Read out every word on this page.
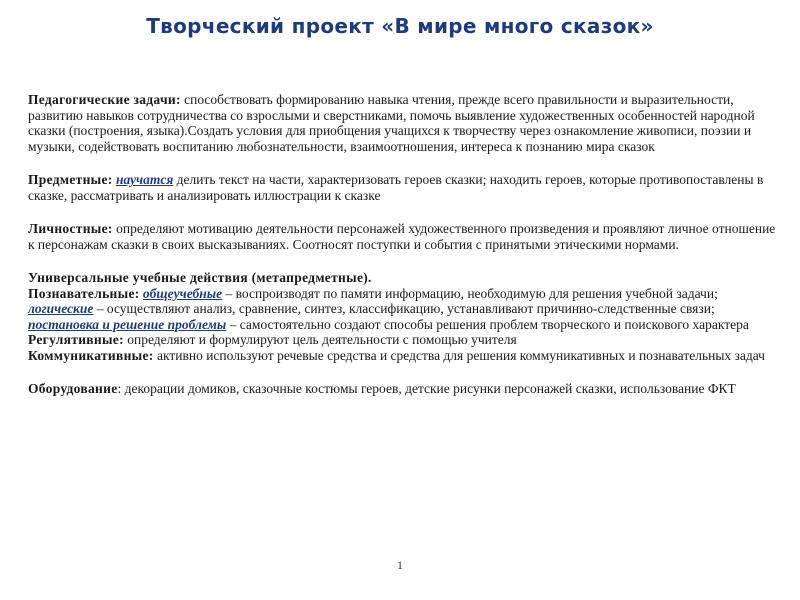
Творческий проект «В мире много сказок»

Педагогические задачи: способствовать формированию навыка чтения, прежде всего правильности и выразительности, развитию навыков сотрудничества со взрослыми и сверстниками, помочь выявление художественных особенностей народной сказки (построения, языка).Создать условия для приобщения учащихся к творчеству через ознакомление живописи, поэзии и музыки, содействовать воспитанию любознательности, взаимоотношения, интереса к познанию мира сказок

Предметные: научатся делить текст на части, характеризовать героев сказки; находить героев, которые противопоставлены в сказке, рассматривать и анализировать иллюстрации к сказке

Личностные: определяют мотивацию деятельности персонажей художественного произведения и проявляют личное отношение к персонажам сказки в своих высказываниях. Соотносят поступки и события с принятыми этическими нормами.

Универсальные учебные действия (метапредметные).

Познавательные: общеучебные – воспроизводят по памяти информацию, необходимую для решения учебной задачи; логические – осуществляют анализ, сравнение, синтез, классификацию, устанавливают причинно-следственные связи; постановка и решение проблемы – самостоятельно создают способы решения проблем творческого и поискового характера

Регулятивные: определяют и формулируют цель деятельности с помощью учителя

Коммуникативные: активно используют речевые средства и средства для решения коммуникативных и познавательных задач

Оборудование: декорации домиков, сказочные костюмы героев, детские рисунки персонажей сказки, использование ФКТ

1
